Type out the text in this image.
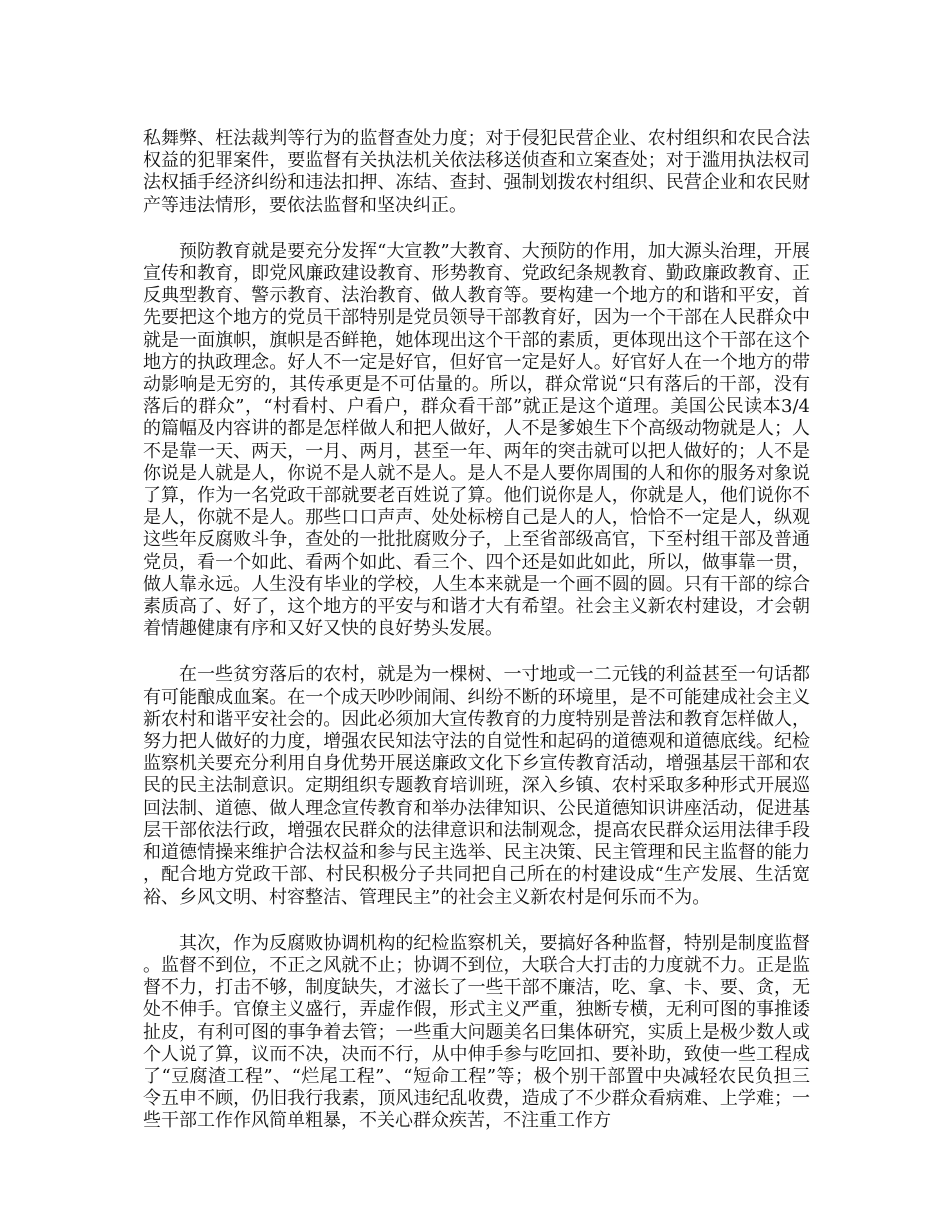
私舞弊、枉法裁判等行为的监督查处力度；对于侵犯民营企业、农村组织和农民合法权益的犯罪案件，要监督有关执法机关依法移送侦查和立案查处；对于滥用执法权司法权插手经济纠纷和违法扣押、冻结、查封、强制划拨农村组织、民营企业和农民财产等违法情形，要依法监督和坚决纠正。

预防教育就是要充分发挥“大宣教”大教育、大预防的作用，加大源头治理，开展宣传和教育，即党风廉政建设教育、形势教育、党政纪条规教育、勤政廉政教育、正反典型教育、警示教育、法治教育、做人教育等。要构建一个地方的和谐和平安，首先要把这个地方的党员干部特别是党员领导干部教育好，因为一个干部在人民群众中就是一面旗帜，旗帜是否鲜艳，她体现出这个干部的素质，更体现出这个干部在这个地方的执政理念。好人不一定是好官，但好官一定是好人。好官好人在一个地方的带动影响是无穷的，其传承更是不可估量的。所以，群众常说“只有落后的干部，没有落后的群众”，“村看村、户看户，群众看干部”就正是这个道理。美国公民读本3/4的篇幅及内容讲的都是怎样做人和把人做好，人不是爹娘生下个高级动物就是人；人不是靠一天、两天，一月、两月，甚至一年、两年的突击就可以把人做好的；人不是你说是人就是人，你说不是人就不是人。是人不是人要你周围的人和你的服务对象说了算，作为一名党政干部就要老百姓说了算。他们说你是人，你就是人，他们说你不是人，你就不是人。那些口口声声、处处标榜自己是人的人，恰恰不一定是人，纵观这些年反腐败斗争，查处的一批批腐败分子，上至省部级高官，下至村组干部及普通党员，看一个如此、看两个如此、看三个、四个还是如此如此，所以，做事靠一贯，做人靠永远。人生没有毕业的学校，人生本来就是一个画不圆的圆。只有干部的综合素质高了、好了，这个地方的平安与和谐才大有希望。社会主义新农村建设，才会朝着情趣健康有序和又好又快的良好势头发展。

在一些贫穷落后的农村，就是为一棵树、一寸地或一二元钱的利益甚至一句话都有可能酿成血案。在一个成天吵吵闹闹、纠纷不断的环境里，是不可能建成社会主义新农村和谐平安社会的。因此必须加大宣传教育的力度特别是普法和教育怎样做人，努力把人做好的力度，增强农民知法守法的自觉性和起码的道德观和道德底线。纪检监察机关要充分利用自身优势开展送廉政文化下乡宣传教育活动，增强基层干部和农民的民主法制意识。定期组织专题教育培训班，深入乡镇、农村采取多种形式开展巡回法制、道德、做人理念宣传教育和举办法律知识、公民道德知识讲座活动，促进基层干部依法行政，增强农民群众的法律意识和法制观念，提高农民群众运用法律手段和道德情操来维护合法权益和参与民主选举、民主决策、民主管理和民主监督的能力，配合地方党政干部、村民积极分子共同把自己所在的村建设成“生产发展、生活宽裕、乡风文明、村容整洁、管理民主”的社会主义新农村是何乐而不为。

其次，作为反腐败协调机构的纪检监察机关，要搞好各种监督，特别是制度监督。监督不到位，不正之风就不止；协调不到位，大联合大打击的力度就不力。正是监督不力，打击不够，制度缺失，才滋长了一些干部不廉洁，吃、拿、卡、要、贪，无处不伸手。官僚主义盛行，弄虚作假，形式主义严重，独断专横，无利可图的事推诿扯皮，有利可图的事争着去管；一些重大问题美名曰集体研究，实质上是极少数人或个人说了算，议而不决，决而不行，从中伸手参与吃回扣、要补助，致使一些工程成了“豆腐渣工程”、“烂尾工程”、“短命工程”等；极个别干部置中央减轻农民负担三令五申不顾，仍旧我行我素，顶风违纪乱收费，造成了不少群众看病难、上学难；一些干部工作作风简单粗暴，不关心群众疾苦，不注重工作方
